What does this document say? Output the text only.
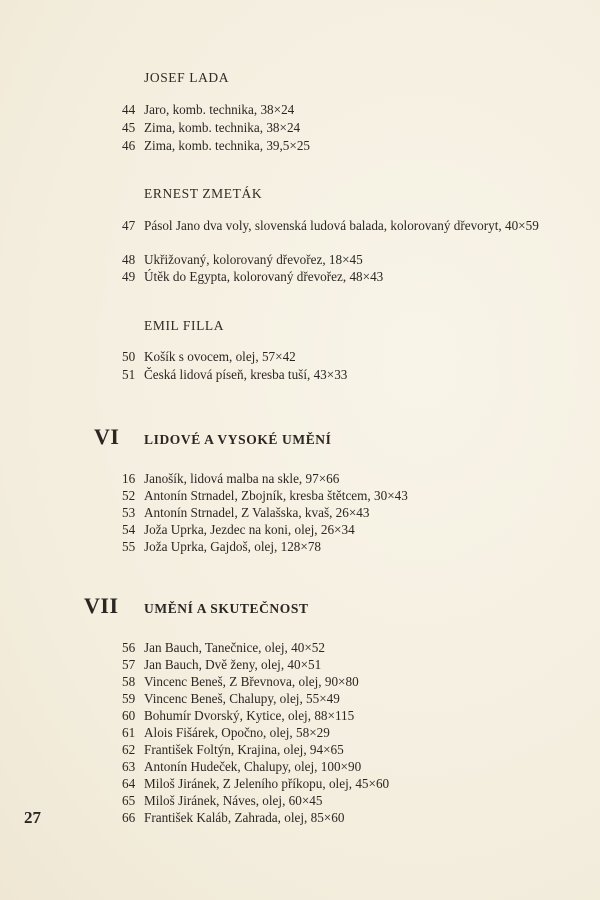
JOSEF LADA
44 Jaro, komb. technika, 38×24
45 Zima, komb. technika, 38×24
46 Zima, komb. technika, 39,5×25
ERNEST ZMETÁK
47 Pásol Jano dva voly, slovenská ludová balada, kolorovaný dřevoryt, 40×59
48 Ukřižovaný, kolorovaný dřevořez, 18×45
49 Útěk do Egypta, kolorovaný dřevořez, 48×43
EMIL FILLA
50 Košík s ovocem, olej, 57×42
51 Česká lidová píseň, kresba tuší, 43×33
VI LIDOVÉ A VYSOKÉ UMĚNÍ
16 Janošík, lidová malba na skle, 97×66
52 Antonín Strnadel, Zbojník, kresba štětcem, 30×43
53 Antonín Strnadel, Z Valašska, kvaš, 26×43
54 Joža Uprka, Jezdec na koni, olej, 26×34
55 Joža Uprka, Gajdoš, olej, 128×78
VII UMĚNÍ A SKUTEČNOST
56 Jan Bauch, Tanečnice, olej, 40×52
57 Jan Bauch, Dvě ženy, olej, 40×51
58 Vincenc Beneš, Z Břevnova, olej, 90×80
59 Vincenc Beneš, Chalupy, olej, 55×49
60 Bohumír Dvorský, Kytice, olej, 88×115
61 Alois Fišárek, Opočno, olej, 58×29
62 František Foltýn, Krajina, olej, 94×65
63 Antonín Hudeček, Chalupy, olej, 100×90
64 Miloš Jiránek, Z Jeleního příkopu, olej, 45×60
65 Miloš Jiránek, Náves, olej, 60×45
66 František Kaláb, Zahrada, olej, 85×60
27
